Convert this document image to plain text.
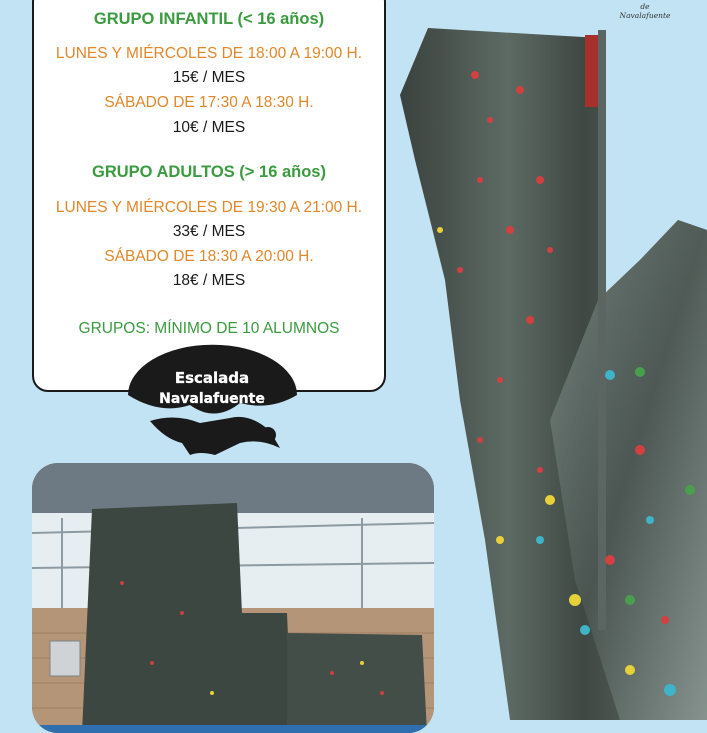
de
Navalafuente
GRUPO INFANTIL (< 16 años)
LUNES Y MIÉRCOLES DE 18:00 A 19:00 H.
15€ / MES
SÁBADO DE 17:30 A 18:30 H.
10€ / MES
GRUPO ADULTOS (> 16 años)
LUNES Y MIÉRCOLES DE 19:30 A 21:00 H.
33€ / MES
SÁBADO DE 18:30 A 20:00 H.
18€ / MES
GRUPOS: MÍNIMO DE 10 ALUMNOS
Escalada
Navalafuente
